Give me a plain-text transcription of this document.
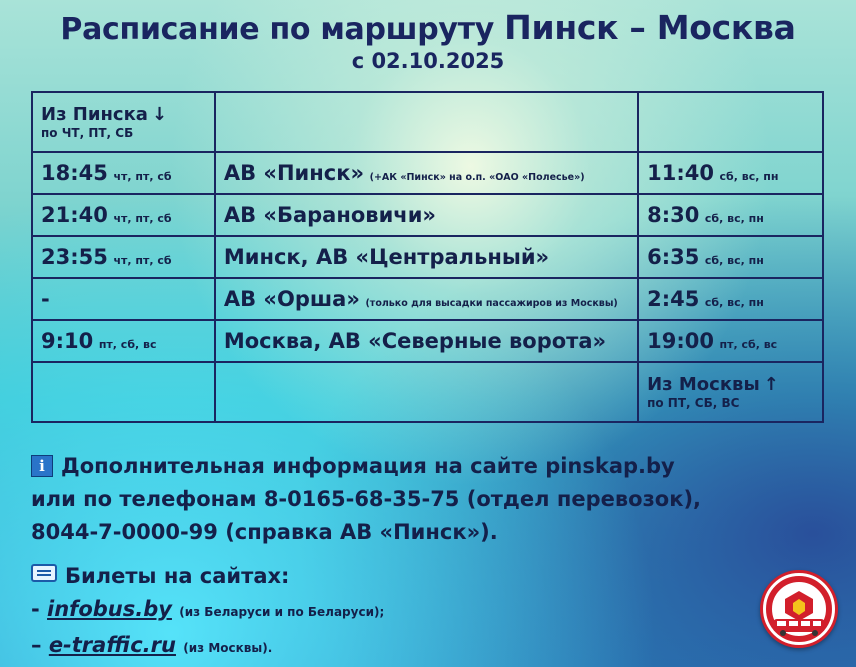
Расписание по маршруту Пинск – Москва
с 02.10.2025
Из Пинска ↓
по ЧТ, ПТ, СБ		

18:45 чт, пт, сб	АВ «Пинск» (+АК «Пинск» на о.п. «ОАО «Полесье»)	11:40 сб, вс, пн
21:40 чт, пт, сб	АВ «Барановичи»	8:30 сб, вс, пн
23:55 чт, пт, сб	Минск, АВ «Центральный»	6:35 сб, вс, пн
-	АВ «Орша» (только для высадки пассажиров из Москвы)	2:45 сб, вс, пн
9:10 пт, сб, вс	Москва, АВ «Северные ворота»	19:00 пт, сб, вс

		Из Москвы ↑
по ПТ, СБ, ВС
i Дополнительная информация на сайте pinskap.by
или по телефонам 8-0165-68-35-75 (отдел перевозок),
8044-7-0000-99 (справка АВ «Пинск»).
Билеты на сайтах:
- infobus.by (из Беларуси и по Беларуси);
– e-traffic.ru (из Москвы).
